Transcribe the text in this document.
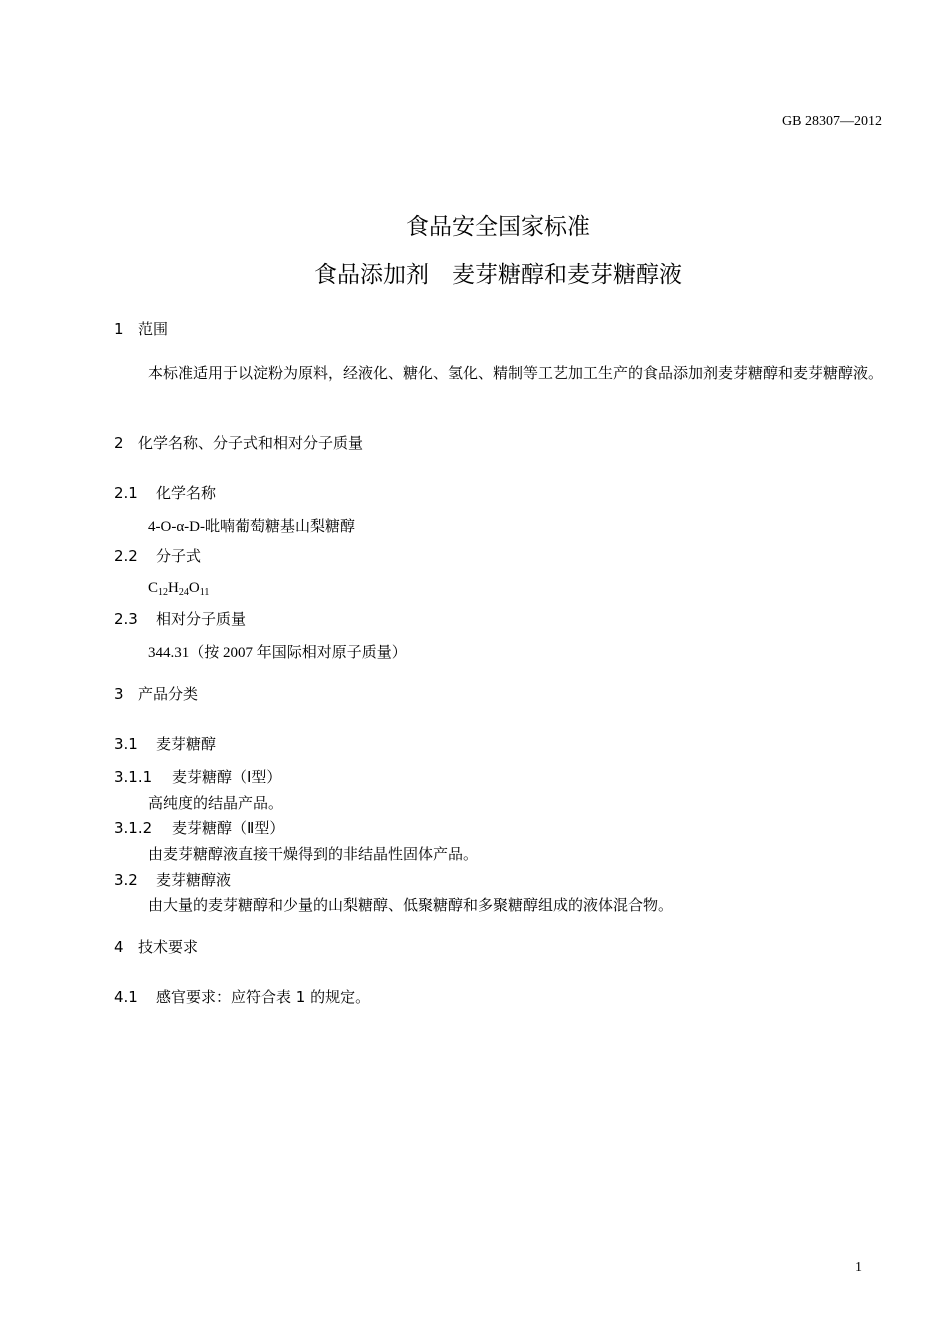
GB 28307—2012
食品安全国家标准
食品添加剂　麦芽糖醇和麦芽糖醇液
1 范围
本标准适用于以淀粉为原料，经液化、糖化、氢化、精制等工艺加工生产的食品添加剂麦芽糖醇和麦芽糖醇液。
2 化学名称、分子式和相对分子质量
2.1 化学名称
4-O-α-D-吡喃葡萄糖基山梨糖醇
2.2 分子式
$C_{12}H_{24}O_{11}$
2.3 相对分子质量
344.31（按 2007 年国际相对原子质量）
3 产品分类
3.1 麦芽糖醇
3.1.1 麦芽糖醇（Ⅰ型）
高纯度的结晶产品。
3.1.2 麦芽糖醇（Ⅱ型）
由麦芽糖醇液直接干燥得到的非结晶性固体产品。
3.2 麦芽糖醇液
由大量的麦芽糖醇和少量的山梨糖醇、低聚糖醇和多聚糖醇组成的液体混合物。
4 技术要求
4.1 感官要求：应符合表 1 的规定。
1
